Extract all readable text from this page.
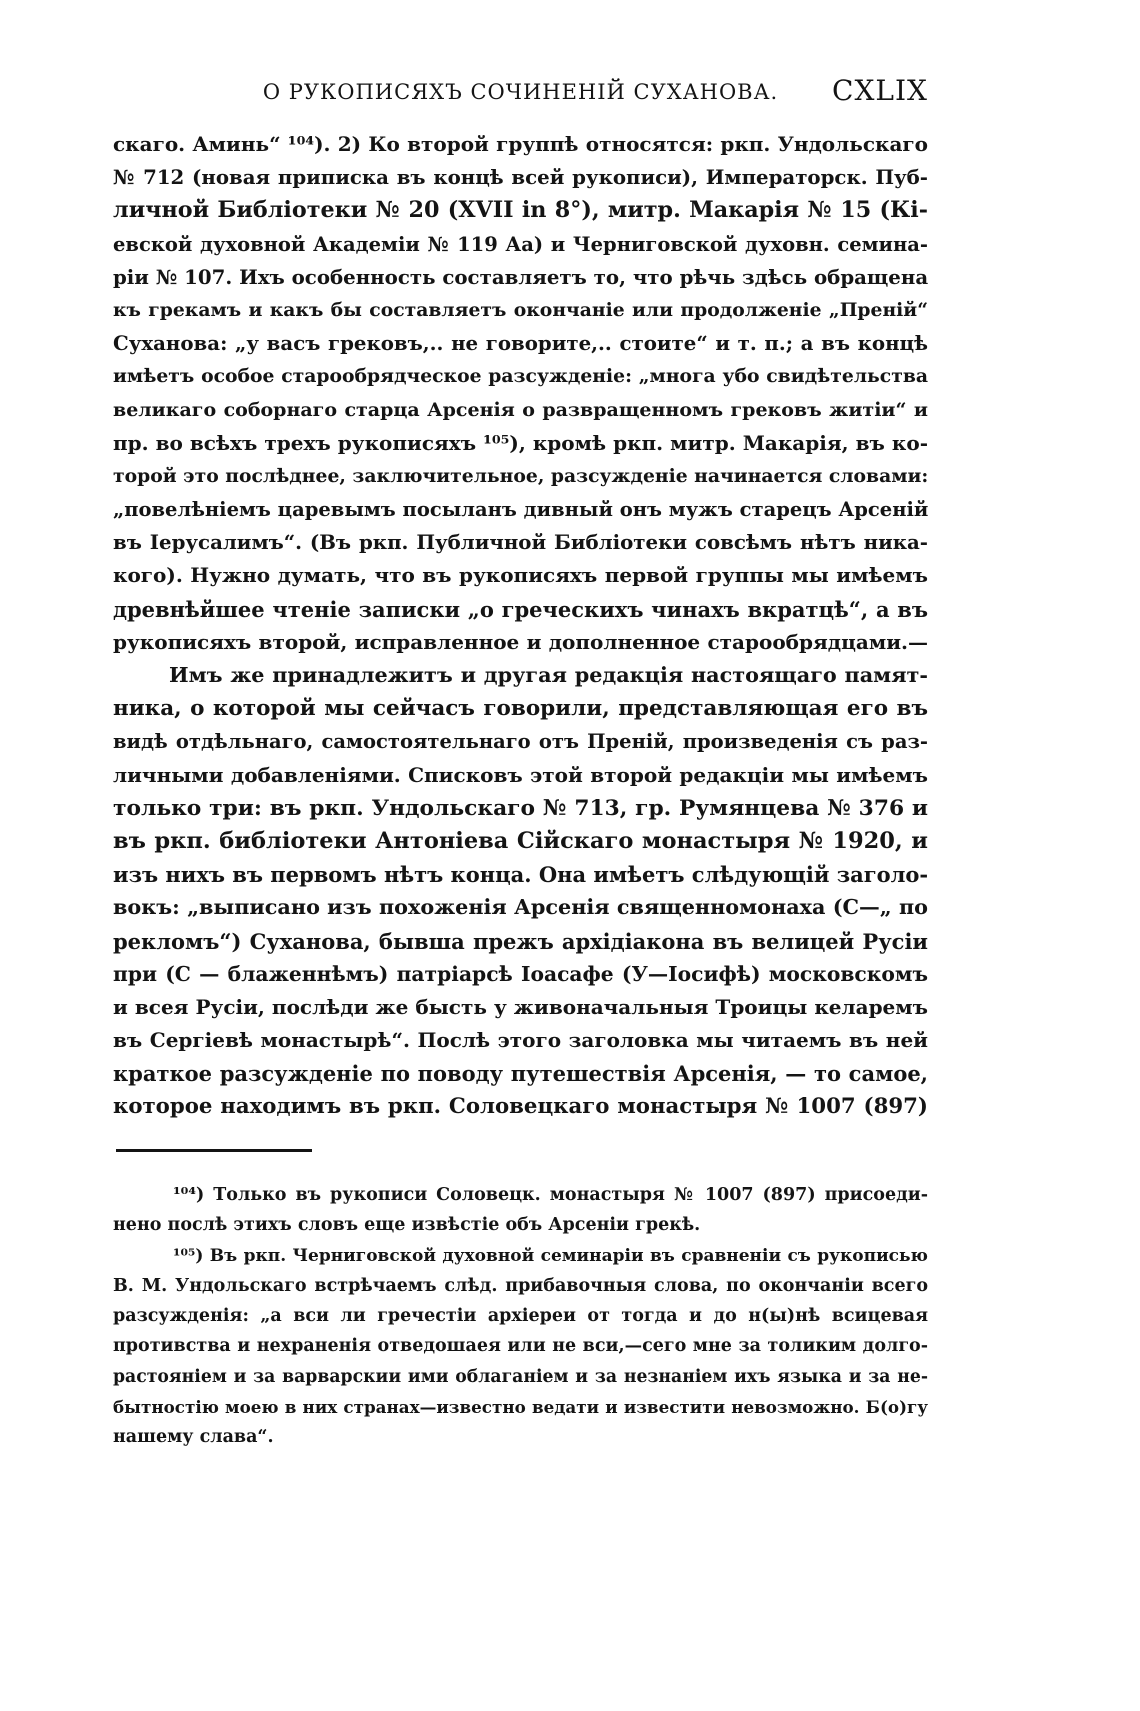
О РУКОПИСЯХЪ СОЧИНЕНІЙ СУХАНОВА.	CXLIX
скаго. Аминь“ ¹⁰⁴). 2) Ко второй группѣ относятся: ркп. Ундольскаго
№ 712 (новая приписка въ концѣ всей рукописи), Императорск. Пуб-
личной Библіотеки № 20 (XVII in 8°), митр. Макарія № 15 (Кі-
евской духовной Академіи № 119 Аа) и Черниговской духовн. семина-
ріи № 107. Ихъ особенность составляетъ то, что рѣчь здѣсь обращена
къ грекамъ и какъ бы составляетъ окончаніе или продолженіе „Преній“
Суханова: „у васъ грековъ,.. не говорите,.. стоите“ и т. п.; а въ концѣ
имѣетъ особое старообрядческое разсужденіе: „многа убо свидѣтельства
великаго соборнаго старца Арсенія о развращенномъ грековъ житіи“ и
пр. во всѣхъ трехъ рукописяхъ ¹⁰⁵), кромѣ ркп. митр. Макарія, въ ко-
торой это послѣднее, заключительное, разсужденіе начинается словами:
„повелѣніемъ царевымъ посыланъ дивный онъ мужъ старецъ Арсеній
въ Іерусалимъ“. (Въ ркп. Публичной Библіотеки совсѣмъ нѣтъ ника-
кого). Нужно думать, что въ рукописяхъ первой группы мы имѣемъ
древнѣйшее чтеніе записки „о греческихъ чинахъ вкратцѣ“, а въ
рукописяхъ второй, исправленное и дополненное старообрядцами.—
Имъ же принадлежитъ и другая редакція настоящаго памят-
ника, о которой мы сейчасъ говорили, представляющая его въ
видѣ отдѣльнаго, самостоятельнаго отъ Преній, произведенія съ раз-
личными добавленіями. Списковъ этой второй редакціи мы имѣемъ
только три: въ ркп. Ундольскаго № 713, гр. Румянцева № 376 и
въ ркп. библіотеки Антоніева Сійскаго монастыря № 1920, и
изъ нихъ въ первомъ нѣтъ конца. Она имѣетъ слѣдующій заголо-
вокъ: „выписано изъ похоженія Арсенія священномонаха (С—„ по
рекломъ“) Суханова, бывша прежъ архідіакона въ велицей Русіи
при (С — блаженнѣмъ) патріарсѣ Іоасафе (У—Іосифѣ) московскомъ
и всея Русіи, послѣди же бысть у живоначальныя Троицы келаремъ
въ Сергіевѣ монастырѣ“. Послѣ этого заголовка мы читаемъ въ ней
краткое разсужденіе по поводу путешествія Арсенія, — то самое,
которое находимъ въ ркп. Соловецкаго монастыря № 1007 (897)
¹⁰⁴) Только въ рукописи Соловецк. монастыря № 1007 (897) присоеди-
нено послѣ этихъ словъ еще извѣстіе объ Арсеніи грекѣ.
¹⁰⁵) Въ ркп. Черниговской духовной семинаріи въ сравненіи съ рукописью
В. М. Ундольскаго встрѣчаемъ слѣд. прибавочныя слова, по окончаніи всего
разсужденія: „а вси ли гречестіи архіереи от тогда и до н(ы)нѣ всицевая
противства и нехраненія отведошаея или не вси,—сего мне за толиким долго-
растояніем и за варварскии ими облаганіем и за незнаніем ихъ языка и за не-
бытностію моею в них странах—известно ведати и известити невозможно. Б(о)гу
нашему слава“.
